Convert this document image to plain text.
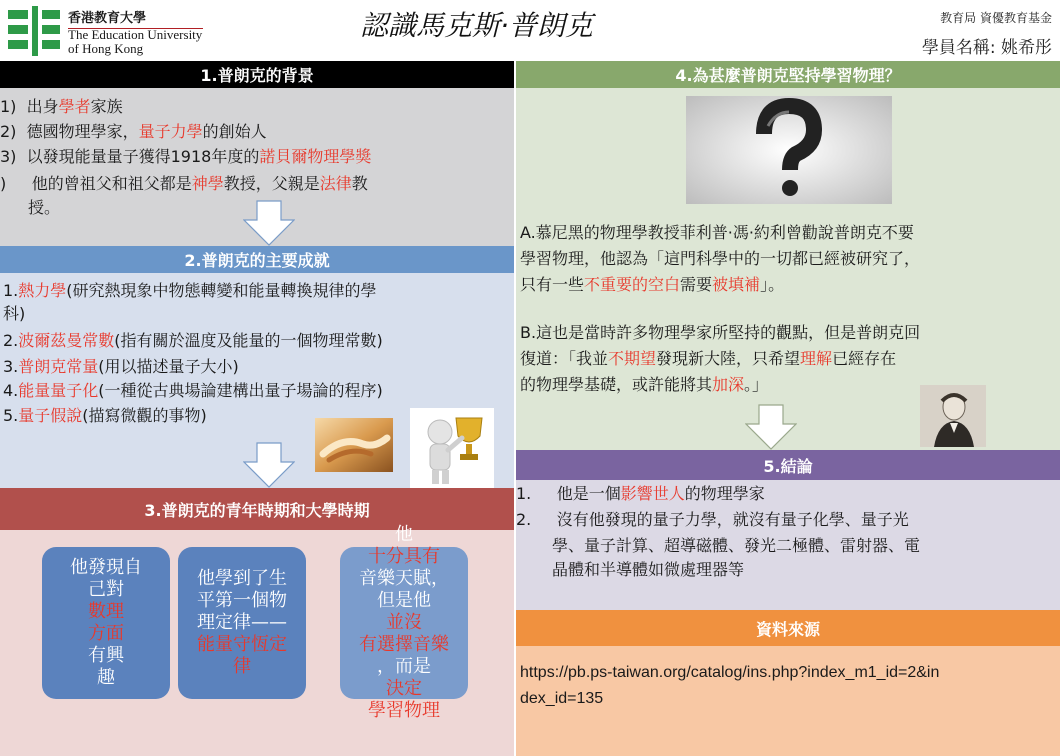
香港教育大學
The Education University
of Hong Kong
認識馬克斯·普朗克	教育局 資優教育基金
學員名稱: 姚希彤
1.普朗克的背景
1) 出身學者家族
2) 德國物理學家，量子力學的創始人
3) 以發現能量量子獲得1918年度的諾貝爾物理學獎
) 他的曾祖父和祖父都是神學教授，父親是法律教
授。
2.普朗克的主要成就
1.熱力學(研究熱現象中物態轉變和能量轉換規律的學
科)
2.波爾茲曼常數(指有關於溫度及能量的一個物理常數)
3.普朗克常量(用以描述量子大小)
4.能量量子化(一種從古典場論建構出量子場論的程序)
5.量子假說(描寫微觀的事物)
3.普朗克的青年時期和大學時期
他發現自
己對
數理
方面
有興
趣
他學到了生
平第一個物
理定律——
能量守恆定
律
他
十分具有
音樂天賦，
但是他
並沒
有選擇音樂
，而是
決定
學習物理
4.為甚麼普朗克堅持學習物理？
A.慕尼黑的物理學教授菲利普·馮·約利曾勸說普朗克不要
學習物理，他認為「這門科學中的一切都已經被研究了，
只有一些不重要的空白需要被填補」。
B.這也是當時許多物理學家所堅持的觀點，但是普朗克回
復道：「我並不期望發現新大陸，只希望理解已經存在
的物理學基礎，或許能將其加深。」
5.結論
1. 他是一個影響世人的物理學家
2. 沒有他發現的量子力學，就沒有量子化學、量子光
學、量子計算、超導磁體、發光二極體、雷射器、電
晶體和半導體如微處理器等
資料來源
https://pb.ps-taiwan.org/catalog/ins.php?index_m1_id=2&in
dex_id=135
